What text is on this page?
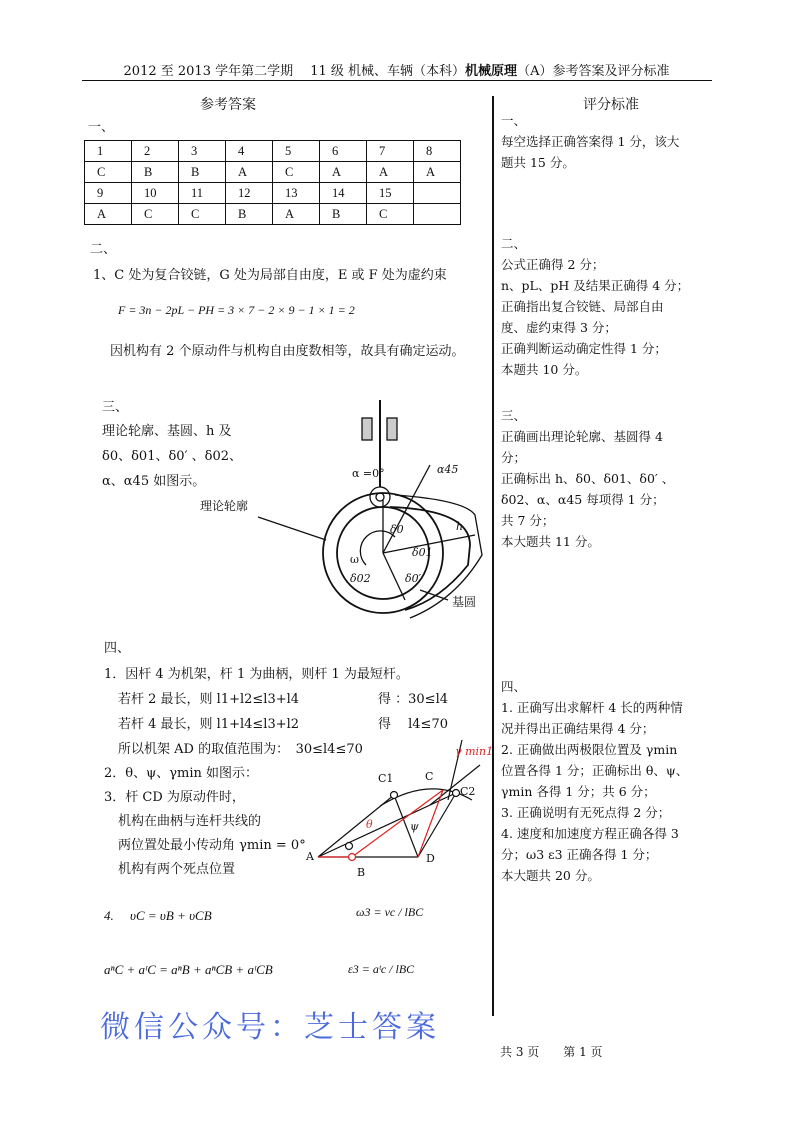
2012 至 2013 学年第二学期　 11 级 机械、车辆（本科）机械原理（A）参考答案及评分标准
参考答案
一、
1	2	3	4	5	6	7	8
C	B	B	A	C	A	A	A
9	10	11	12	13	14	15	
A	C	C	B	A	B	C	
二、
1、C 处为复合铰链，G 处为局部自由度，E 或 F 处为虚约束
F = 3n − 2pL − PH = 3 × 7 − 2 × 9 − 1 × 1 = 2
因机构有 2 个原动件与机构自由度数相等，故具有确定运动。
三、
理论轮廓、基圆、h 及
δ0、δ01、δ0′ 、δ02、
α、α45 如图示。
α =0°	α45
理论轮廓
基圆
ω
δ0
δ01
δ0′
δ02
h
四、
1．因杆 4 为机架，杆 1 为曲柄，则杆 1 为最短杆。
若杆 2 最长，则 l1+l2≤l3+l4	得 ：30≤l4
若杆 4 最长，则 l1+l4≤l3+l2	得　 l4≤70
所以机架 AD 的取值范围为：　30≤l4≤70
2．θ、ψ、γmin 如图示：
3．杆 CD 为原动件时，
机构在曲柄与连杆共线的
两位置处最小传动角 γmin = 0°
机构有两个死点位置
A
B
D
C1	C
C2
θ	ψ
γ min1
4.　 υC = υB + υCB	ω3 = vc / lBC
aⁿC + aᵗC = aⁿB + aⁿCB + aᵗCB	ε3 = aᵗc / lBC
评分标准
一、
每空选择正确答案得 1 分，该大
题共 15 分。
二、
公式正确得 2 分；
n、pL、pH 及结果正确得 4 分；
正确指出复合铰链、局部自由
度、虚约束得 3 分；
正确判断运动确定性得 1 分；
本题共 10 分。
三、
正确画出理论轮廓、基圆得 4
分；
正确标出 h、δ0、δ01、δ0′ 、
δ02、α、α45 每项得 1 分；
共 7 分；
本大题共 11 分。
四、
1. 正确写出求解杆 4 长的两种情
况并得出正确结果得 4 分；
2. 正确做出两极限位置及 γmin
位置各得 1 分；正确标出 θ、ψ、
γmin 各得 1 分；共 6 分；
3. 正确说明有无死点得 2 分；
4. 速度和加速度方程正确各得 3
分；ω3 ε3 正确各得 1 分；
本大题共 20 分。
共 3 页　　第 1 页
微信公众号：芝士答案
